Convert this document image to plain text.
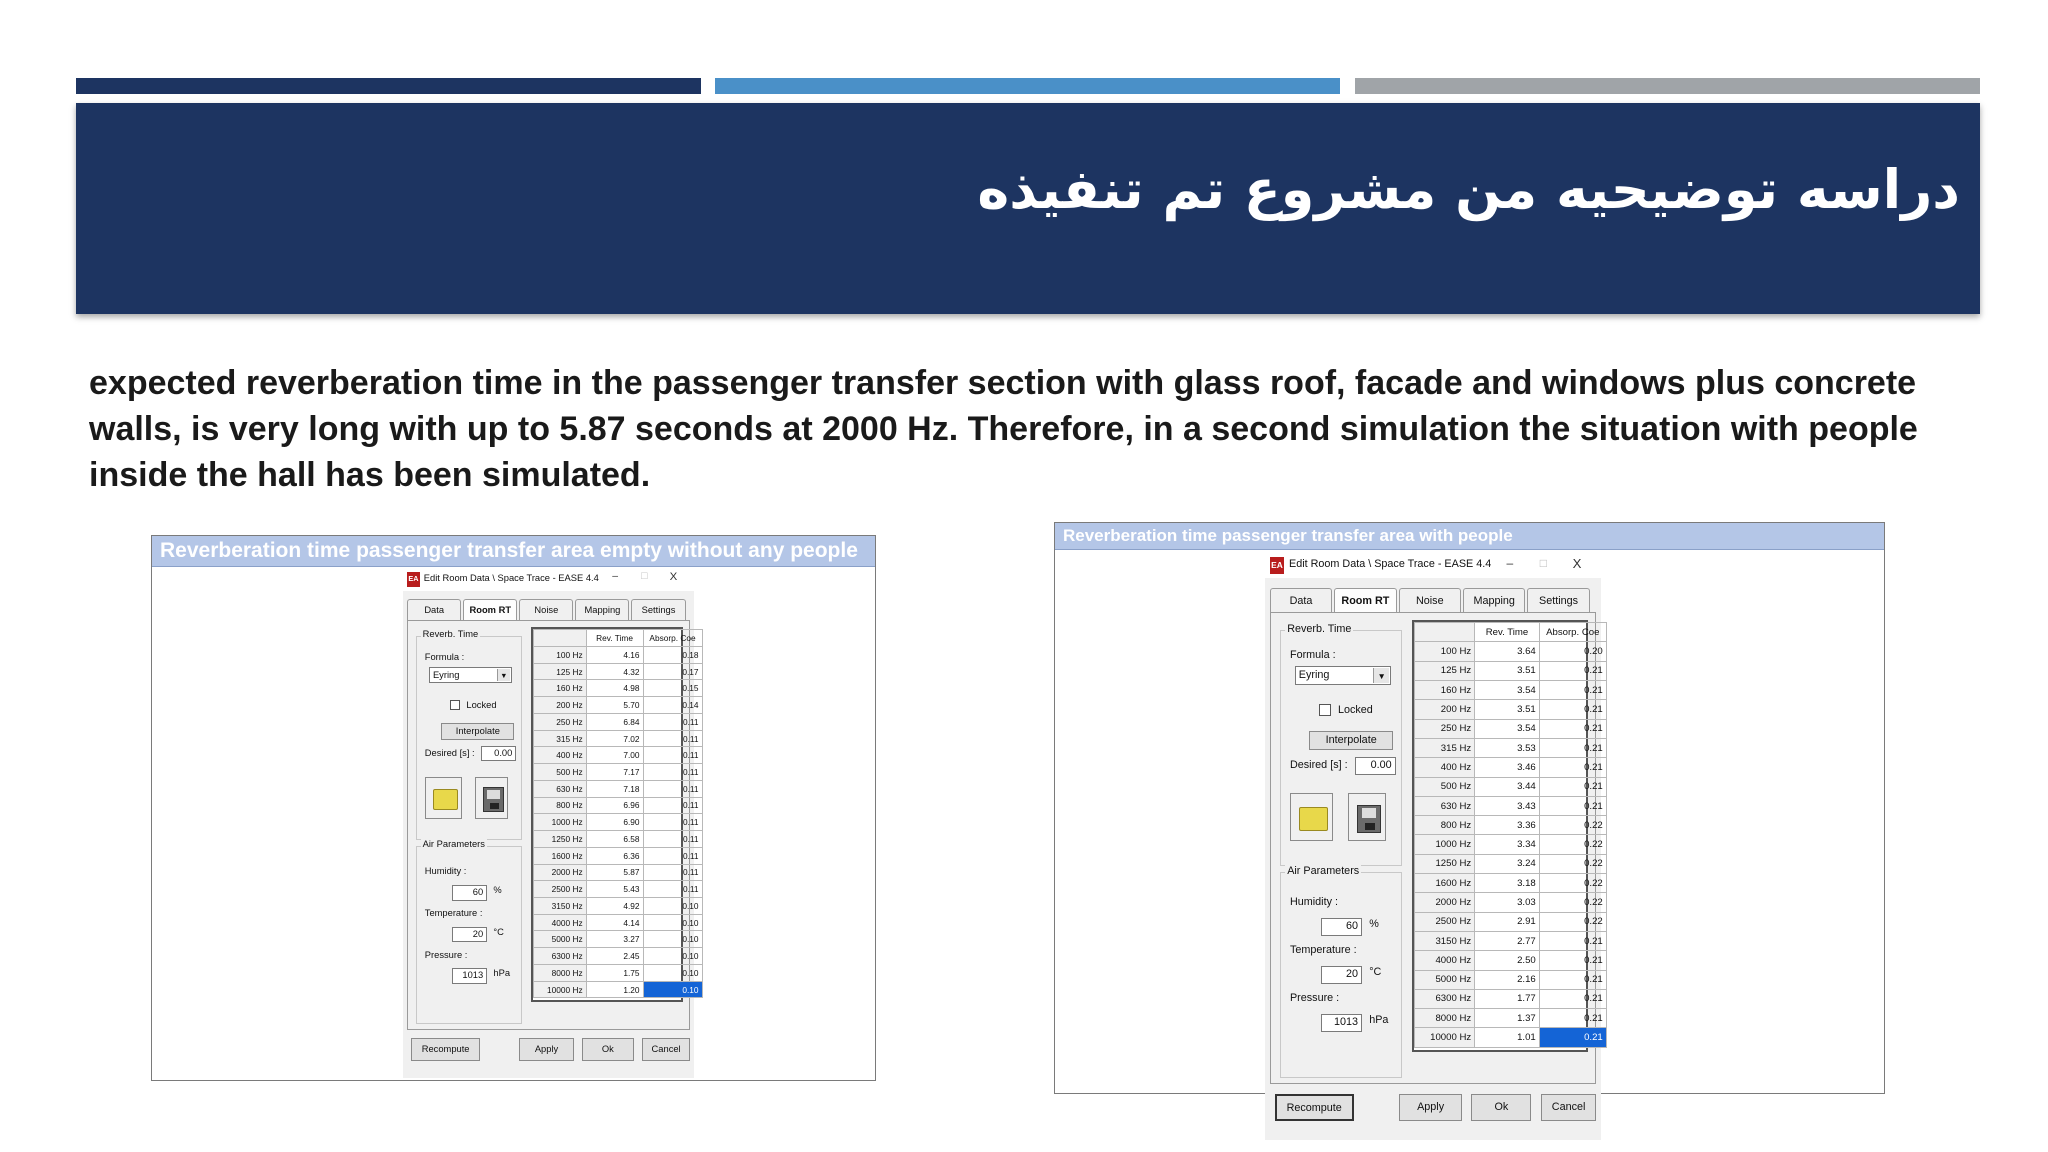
دراسه توضيحيه من مشروع تم تنفيذه
expected reverberation time in the passenger transfer section with glass roof, facade and windows plus concrete
walls, is very long with up to 5.87 seconds at 2000 Hz. Therefore, in a second simulation the situation with people
inside the hall has been simulated.
Reverberation time passenger transfer area empty without any people
EA Edit Room Data \ Space Trace - EASE 4.4	–	□	X
Data	Room RT	Noise	Mapping	Settings
Reverb. Time
Formula :
Eyring	▼
Locked
Interpolate
Desired [s] :	0.00
Air Parameters
Humidity :
60	%
Temperature :
20	°C
Pressure :
1013	hPa
	Rev. Time	Absorp. Coe
100 Hz	4.16	0.18
125 Hz	4.32	0.17
160 Hz	4.98	0.15
200 Hz	5.70	0.14
250 Hz	6.84	0.11
315 Hz	7.02	0.11
400 Hz	7.00	0.11
500 Hz	7.17	0.11
630 Hz	7.18	0.11
800 Hz	6.96	0.11
1000 Hz	6.90	0.11
1250 Hz	6.58	0.11
1600 Hz	6.36	0.11
2000 Hz	5.87	0.11
2500 Hz	5.43	0.11
3150 Hz	4.92	0.10
4000 Hz	4.14	0.10
5000 Hz	3.27	0.10
6300 Hz	2.45	0.10
8000 Hz	1.75	0.10
10000 Hz	1.20	0.10
Recompute	Apply	Ok	Cancel
Reverberation time passenger transfer area with people
EA Edit Room Data \ Space Trace - EASE 4.4	–	□	X
Data	Room RT	Noise	Mapping	Settings
Reverb. Time
Formula :
Eyring	▼
Locked
Interpolate
Desired [s] :	0.00
Air Parameters
Humidity :
60	%
Temperature :
20	°C
Pressure :
1013	hPa
	Rev. Time	Absorp. Coe
100 Hz	3.64	0.20
125 Hz	3.51	0.21
160 Hz	3.54	0.21
200 Hz	3.51	0.21
250 Hz	3.54	0.21
315 Hz	3.53	0.21
400 Hz	3.46	0.21
500 Hz	3.44	0.21
630 Hz	3.43	0.21
800 Hz	3.36	0.22
1000 Hz	3.34	0.22
1250 Hz	3.24	0.22
1600 Hz	3.18	0.22
2000 Hz	3.03	0.22
2500 Hz	2.91	0.22
3150 Hz	2.77	0.21
4000 Hz	2.50	0.21
5000 Hz	2.16	0.21
6300 Hz	1.77	0.21
8000 Hz	1.37	0.21
10000 Hz	1.01	0.21
Recompute	Apply	Ok	Cancel
